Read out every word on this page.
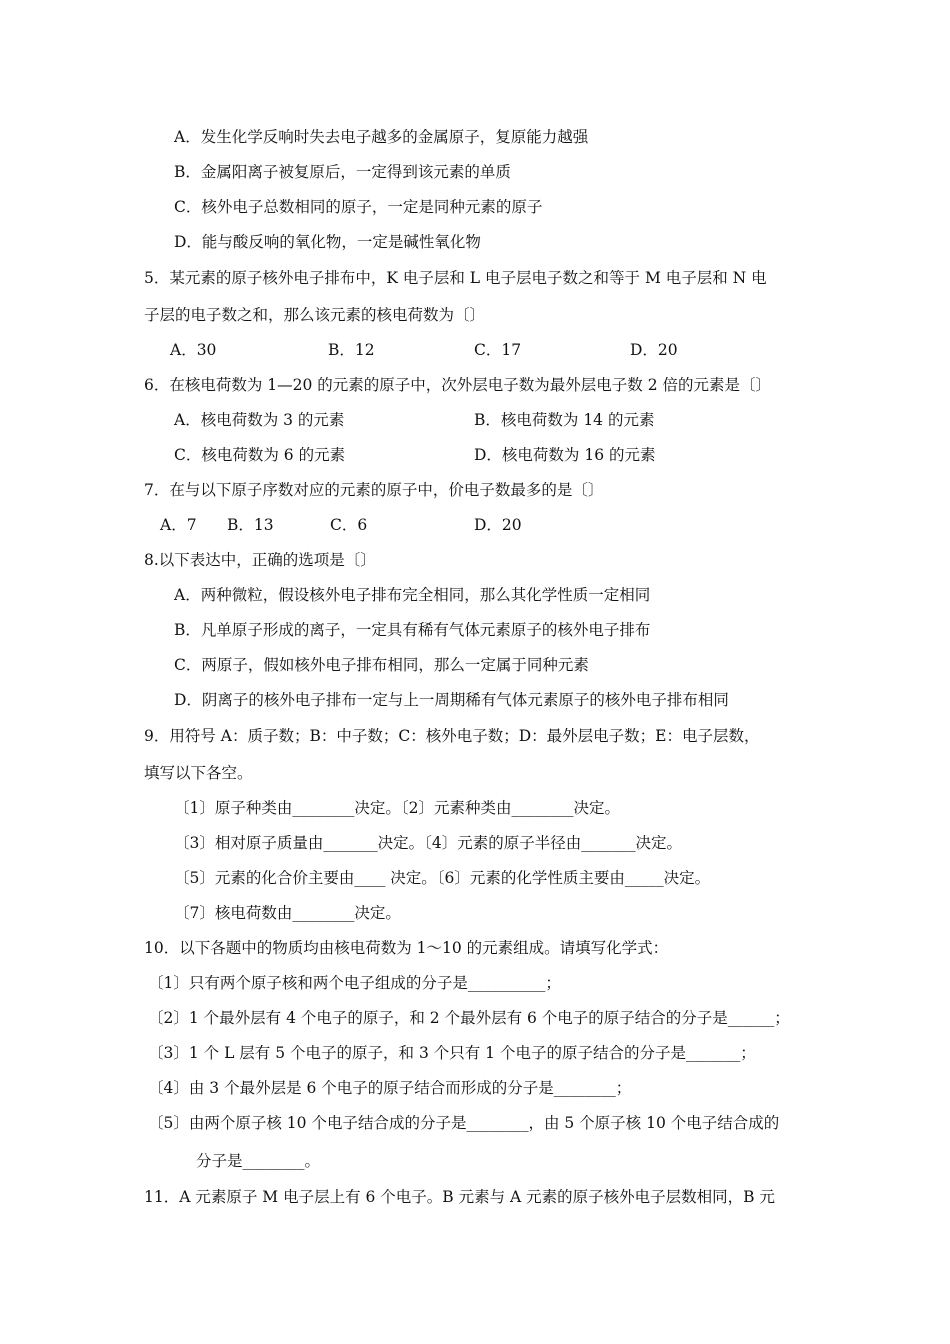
A．发生化学反响时失去电子越多的金属原子，复原能力越强
B．金属阳离子被复原后，一定得到该元素的单质
C．核外电子总数相同的原子，一定是同种元素的原子
D．能与酸反响的氧化物，一定是碱性氧化物
5．某元素的原子核外电子排布中，K 电子层和 L 电子层电子数之和等于 M 电子层和 N 电
子层的电子数之和，那么该元素的核电荷数为〔〕
A．30	B．12	C．17	D．20
6．在核电荷数为 1—20 的元素的原子中，次外层电子数为最外层电子数 2 倍的元素是〔〕
A．核电荷数为 3 的元素	B．核电荷数为 14 的元素
C．核电荷数为 6 的元素	D．核电荷数为 16 的元素
7．在与以下原子序数对应的元素的原子中，价电子数最多的是〔〕
A．7 B．13	C．6	D．20
8.以下表达中，正确的选项是〔〕
A．两种微粒，假设核外电子排布完全相同，那么其化学性质一定相同
B．凡单原子形成的离子，一定具有稀有气体元素原子的核外电子排布
C．两原子，假如核外电子排布相同，那么一定属于同种元素
D．阴离子的核外电子排布一定与上一周期稀有气体元素原子的核外电子排布相同
9．用符号 A：质子数；B：中子数；C：核外电子数；D：最外层电子数；E：电子层数，
填写以下各空。
〔1〕原子种类由________决定。〔2〕元素种类由________决定。
〔3〕相对原子质量由_______决定。〔4〕元素的原子半径由_______决定。
〔5〕元素的化合价主要由____ 决定。〔6〕元素的化学性质主要由_____决定。
〔7〕核电荷数由________决定。
10．以下各题中的物质均由核电荷数为 1～10 的元素组成。请填写化学式：
〔1〕只有两个原子核和两个电子组成的分子是__________；
〔2〕1 个最外层有 4 个电子的原子，和 2 个最外层有 6 个电子的原子结合的分子是______；
〔3〕1 个 L 层有 5 个电子的原子，和 3 个只有 1 个电子的原子结合的分子是_______；
〔4〕由 3 个最外层是 6 个电子的原子结合而形成的分子是________；
〔5〕由两个原子核 10 个电子结合成的分子是________，由 5 个原子核 10 个电子结合成的
分子是________。
11．A 元素原子 M 电子层上有 6 个电子。B 元素与 A 元素的原子核外电子层数相同，B 元
